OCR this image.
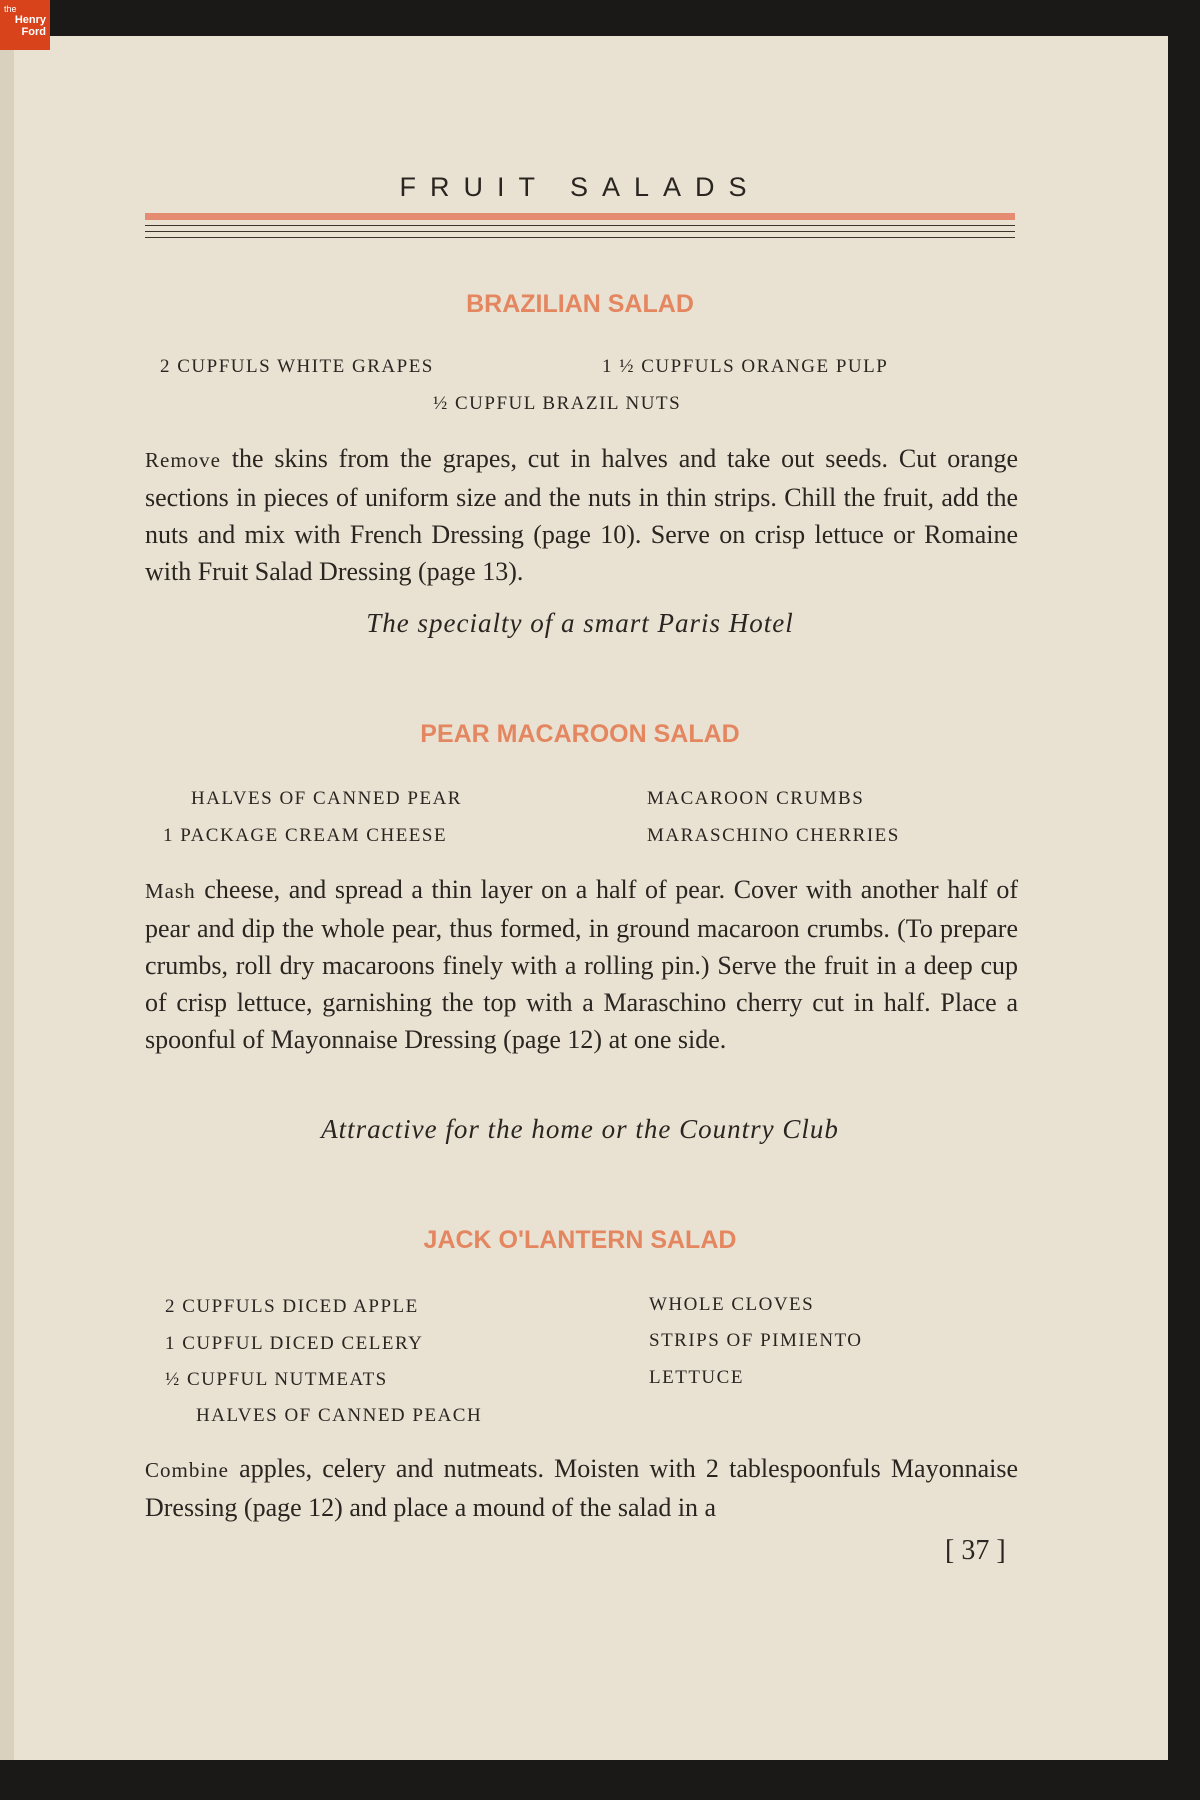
the
Henry
Ford
FRUIT SALADS
BRAZILIAN SALAD
2 CUPFULS WHITE GRAPES	1 ½ CUPFULS ORANGE PULP
½ CUPFUL BRAZIL NUTS
Remove the skins from the grapes, cut in halves and take out seeds. Cut orange sections in pieces of uniform size and the nuts in thin strips. Chill the fruit, add the nuts and mix with French Dressing (page 10). Serve on crisp lettuce or Romaine with Fruit Salad Dressing (page 13).
The specialty of a smart Paris Hotel
PEAR MACAROON SALAD
HALVES OF CANNED PEAR
1 PACKAGE CREAM CHEESE
MACAROON CRUMBS
MARASCHINO CHERRIES
Mash cheese, and spread a thin layer on a half of pear. Cover with another half of pear and dip the whole pear, thus formed, in ground macaroon crumbs. (To prepare crumbs, roll dry macaroons finely with a rolling pin.) Serve the fruit in a deep cup of crisp lettuce, garnishing the top with a Maraschino cherry cut in half. Place a spoonful of Mayonnaise Dressing (page 12) at one side.
Attractive for the home or the Country Club
JACK O'LANTERN SALAD
2 CUPFULS DICED APPLE
1 CUPFUL DICED CELERY
½ CUPFUL NUTMEATS
HALVES OF CANNED PEACH
WHOLE CLOVES
STRIPS OF PIMIENTO
LETTUCE
Combine apples, celery and nutmeats. Moisten with 2 tablespoonfuls Mayonnaise Dressing (page 12) and place a mound of the salad in a
[ 37 ]
